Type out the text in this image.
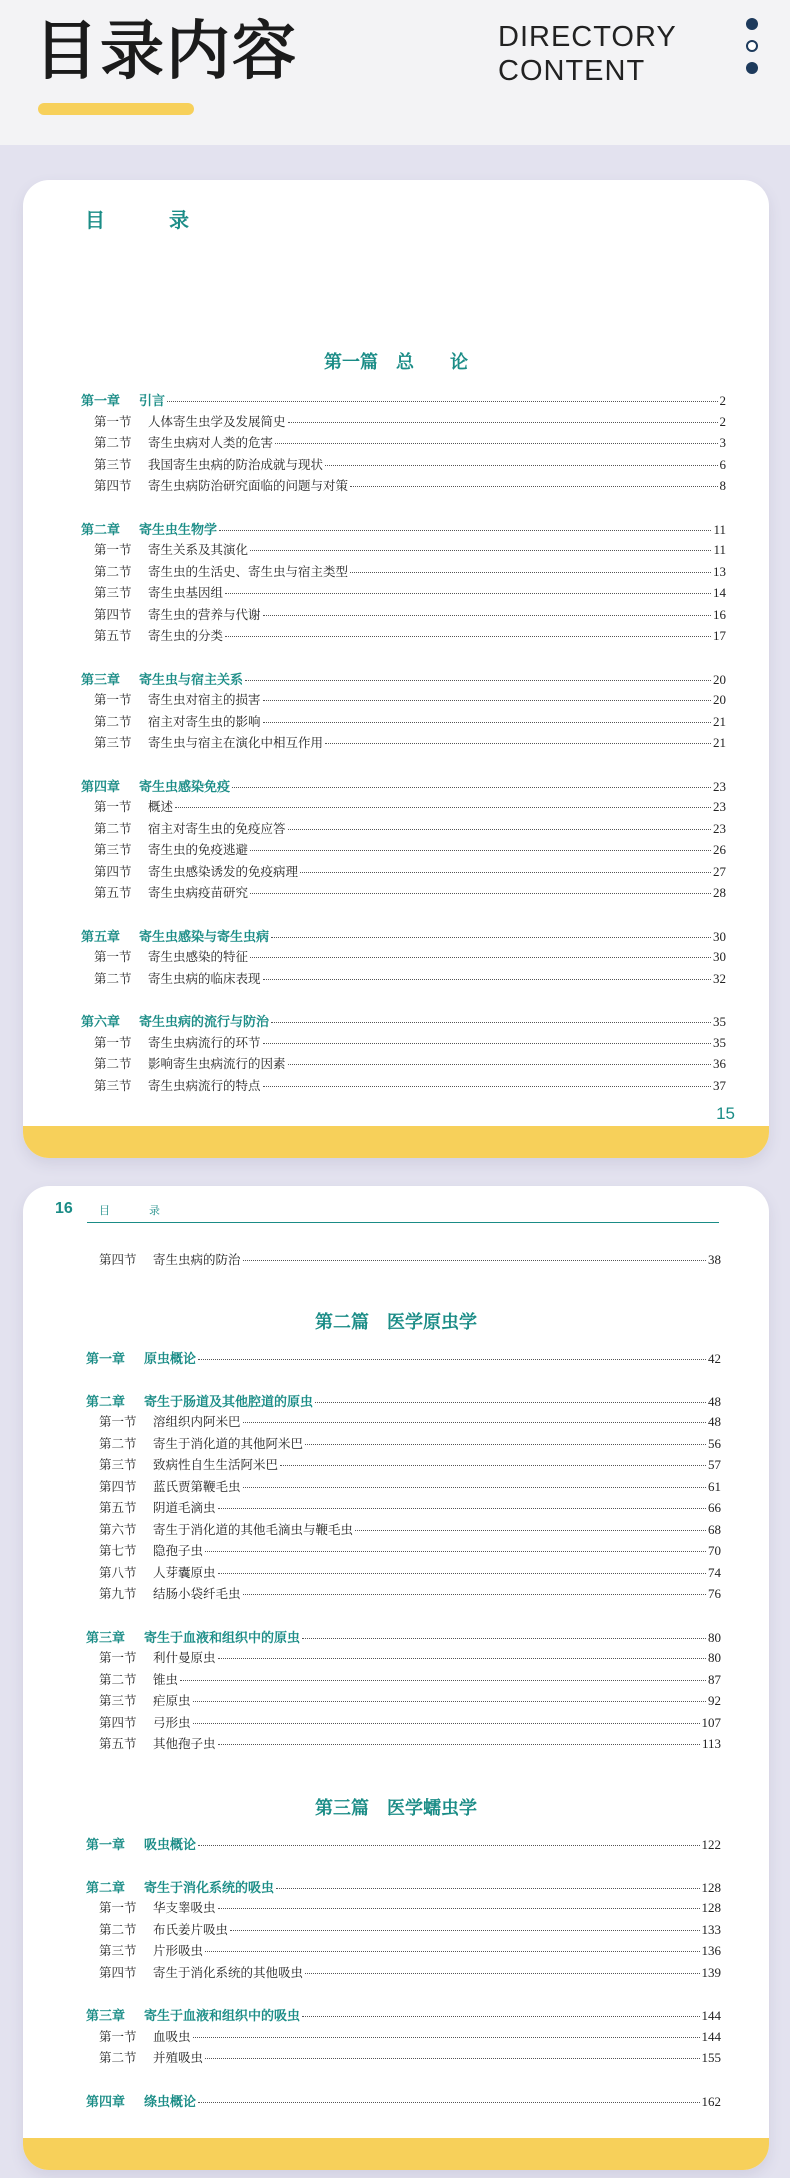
目录内容	DIRECTORY
CONTENT
目　录
第一篇　总　　论
第一章 引言	2
第一节 人体寄生虫学及发展简史	2
第二节 寄生虫病对人类的危害	3
第三节 我国寄生虫病的防治成就与现状	6
第四节 寄生虫病防治研究面临的问题与对策	8
第二章 寄生虫生物学	11
第一节 寄生关系及其演化	11
第二节 寄生虫的生活史、寄生虫与宿主类型	13
第三节 寄生虫基因组	14
第四节 寄生虫的营养与代谢	16
第五节 寄生虫的分类	17
第三章 寄生虫与宿主关系	20
第一节 寄生虫对宿主的损害	20
第二节 宿主对寄生虫的影响	21
第三节 寄生虫与宿主在演化中相互作用	21
第四章 寄生虫感染免疫	23
第一节 概述	23
第二节 宿主对寄生虫的免疫应答	23
第三节 寄生虫的免疫逃避	26
第四节 寄生虫感染诱发的免疫病理	27
第五节 寄生虫病疫苗研究	28
第五章 寄生虫感染与寄生虫病	30
第一节 寄生虫感染的特征	30
第二节 寄生虫病的临床表现	32
第六章 寄生虫病的流行与防治	35
第一节 寄生虫病流行的环节	35
第二节 影响寄生虫病流行的因素	36
第三节 寄生虫病流行的特点	37
15
16 目　录
第四节 寄生虫病的防治	38
第二篇　医学原虫学
第一章 原虫概论	42
第二章 寄生于肠道及其他腔道的原虫	48
第一节 溶组织内阿米巴	48
第二节 寄生于消化道的其他阿米巴	56
第三节 致病性自生生活阿米巴	57
第四节 蓝氏贾第鞭毛虫	61
第五节 阴道毛滴虫	66
第六节 寄生于消化道的其他毛滴虫与鞭毛虫	68
第七节 隐孢子虫	70
第八节 人芽囊原虫	74
第九节 结肠小袋纤毛虫	76
第三章 寄生于血液和组织中的原虫	80
第一节 利什曼原虫	80
第二节 锥虫	87
第三节 疟原虫	92
第四节 弓形虫	107
第五节 其他孢子虫	113
第三篇　医学蠕虫学
第一章 吸虫概论	122
第二章 寄生于消化系统的吸虫	128
第一节 华支睾吸虫	128
第二节 布氏姜片吸虫	133
第三节 片形吸虫	136
第四节 寄生于消化系统的其他吸虫	139
第三章 寄生于血液和组织中的吸虫	144
第一节 血吸虫	144
第二节 并殖吸虫	155
第四章 绦虫概论	162
